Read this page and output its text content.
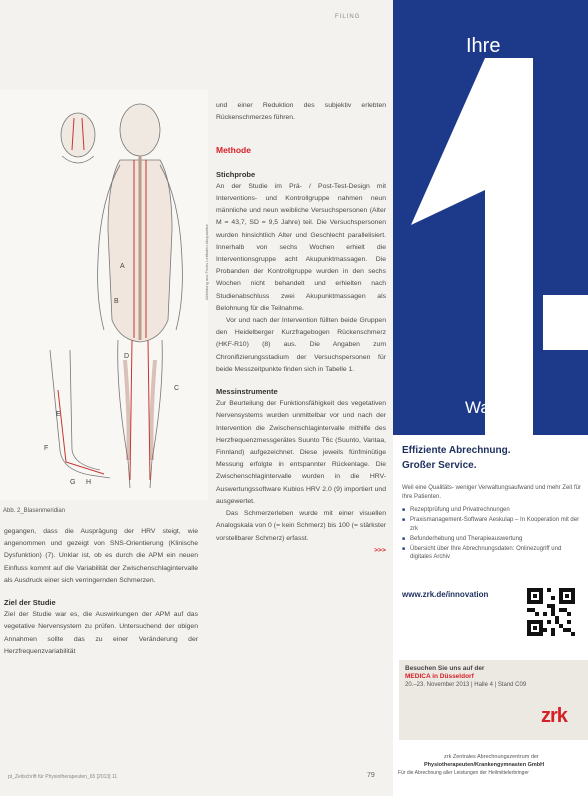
FILING
A
B
C
D
E
F
G H
Abbildung aus Focks Leitfaden Akupunktur
Abb. 2_Blasenmeridian

gegangen, dass die Ausprägung der HRV steigt, wie angenommen und gezeigt von SNS-Orientierung (Klinische Dysfunktion) (7). Unklar ist, ob es durch die APM ein neuen Einfluss kommt auf die Variabilität der Zwischenschlagintervalle als Ausdruck einer sich verringernden Schmerzen.

Ziel der Studie

Ziel der Studie war es, die Auswirkungen der APM auf das vegetative Nervensystem zu prüfen. Untersuchend der obigen Annahmen sollte das zu einer Veränderung der Herzfrequenzvariabilität

und einer Reduktion des subjektiv erlebten Rückenschmerzes führen.

Methode

Stichprobe

An der Studie im Prä- / Post-Test-Design mit Interventions- und Kontrollgruppe nahmen neun männliche und neun weibliche Versuchspersonen (Alter M = 43,7, SD = 9,5 Jahre) teil. Die Versuchspersonen wurden hinsichtlich Alter und Geschlecht parallelisiert. Innerhalb von sechs Wochen erhielt die Interventionsgruppe acht Akupunktmassagen. Die Probanden der Kontrollgruppe wurden in den sechs Wochen nicht behandelt und erhielten nach Studienabschluss zwei Akupunktmassagen als Belohnung für die Teilnahme.

Vor und nach der Intervention füllten beide Gruppen den Heidelberger Kurzfragebogen Rückenschmerz (HKF-R10) (8) aus. Die Angaben zum Chronifizierungsstadium der Versuchspersonen für beide Messzeitpunkte finden sich in Tabelle 1.

Messinstrumente

Zur Beurteilung der Funktionsfähigkeit des vegetativen Nervensystems wurden unmittelbar vor und nach der Intervention die Zwischenschlagintervalle mithilfe des Herzfrequenzmessgerätes Suunto T6c (Suunto, Vantaa, Finnland) aufgezeichnet. Diese jeweils fünfminütige Messung erfolgte in entspannter Rückenlage. Die Zwischenschlagintervalle wurden in die HRV-Auswertungssoftware Kubios HRV 2.0 (9) importiert und ausgewertet.

Das Schmerzerleben wurde mit einer visuellen Analogskala von 0 (= kein Schmerz) bis 100 (= stärkster vorstellbarer Schmerz) erfasst.

>>>

pt_Zeitschrift für Physiotherapeuten_65 [2013] 11	79
Ihre
Wahl
Effiziente Abrechnung.
Großer Service.
Weil eine Qualitäts- weniger Verwaltungsaufwand und mehr Zeit für Ihre Patienten.
■ Rezeptprüfung und Privatrechnungen
■ Praxismanagement-Software Aeskulap – In Kooperation mit der zrk
■ Befunderhebung und Therapieauswertung
■ Übersicht über Ihre Abrechnungsdaten: Onlinezugriff und digitales Archiv
www.zrk.de/innovation
Besuchen Sie uns auf der
MEDICA in Düsseldorf
20.–23. November 2013 | Halle 4 | Stand C09
zrk
zrk Zentrales Abrechnungszentrum der
Physiotherapeuten/Krankengymnasten GmbH
Für die Abrechnung aller Leistungen der Heilmittelerbringer
